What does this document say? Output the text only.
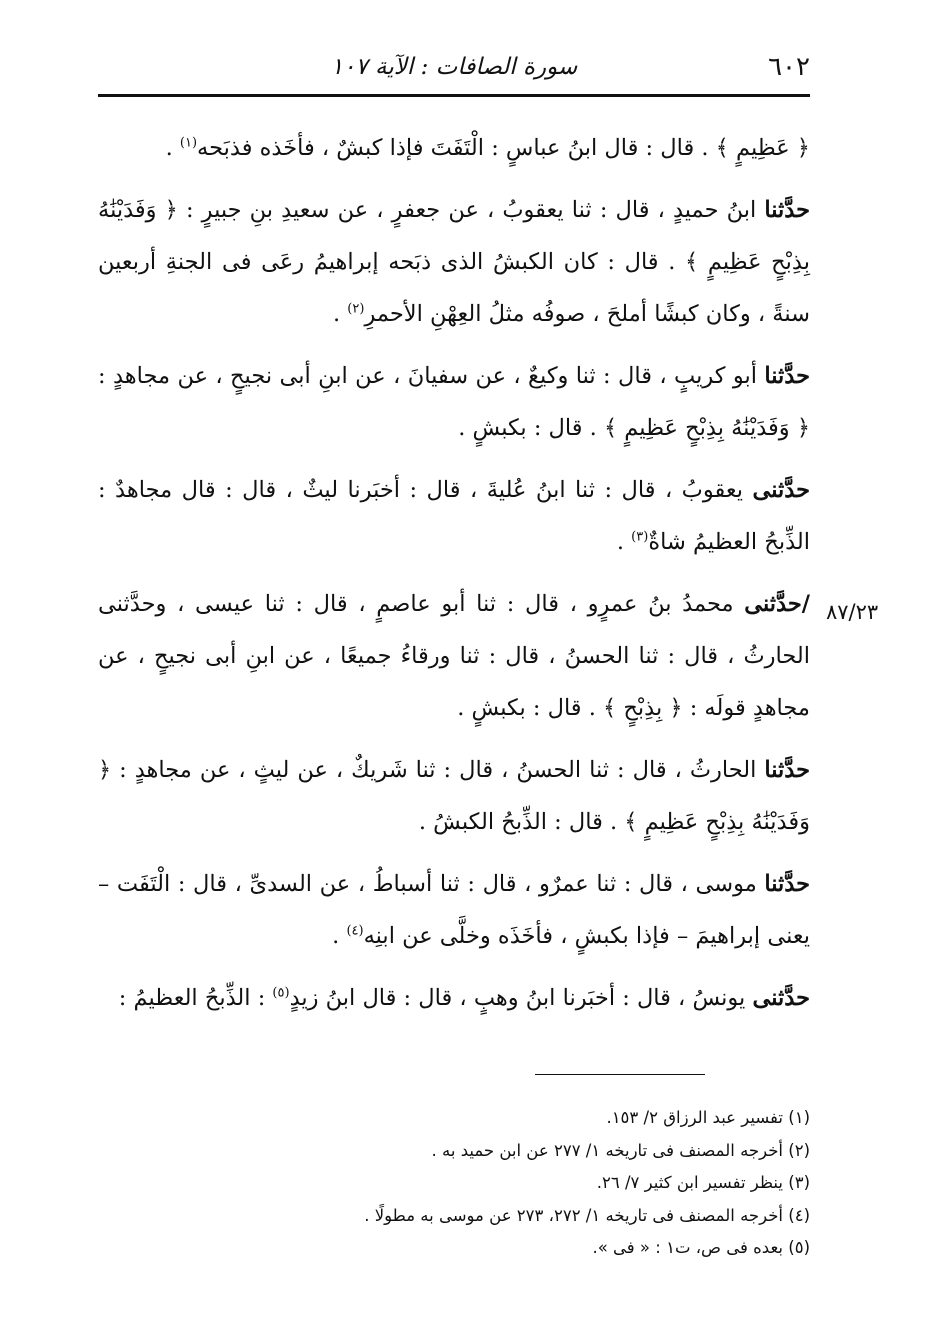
٦٠٢
سورة الصافات : الآية ١٠٧
٨٧/٢٣

﴿ عَظِيمٍ ﴾ . قال : قال ابنُ عباسٍ : الْتَفَتَ فإذا كبشٌ ، فأخَذه فذبَحه$^{(١)}$ .

حدَّثنا ابنُ حميدٍ ، قال : ثنا يعقوبُ ، عن جعفرٍ ، عن سعيدِ بنِ جبيرٍ : ﴿ وَفَدَيْنَٰهُ بِذِبْحٍ عَظِيمٍ ﴾ . قال : كان الكبشُ الذى ذبَحه إبراهيمُ رعَى فى الجنةِ أربعين سنةً ، وكان كبشًا أملحَ ، صوفُه مثلُ العِهْنِ الأحمرِ$^{(٢)}$ .

حدَّثنا أبو كريبٍ ، قال : ثنا وكيعٌ ، عن سفيانَ ، عن ابنِ أبى نجيحٍ ، عن مجاهدٍ : ﴿ وَفَدَيْنَٰهُ بِذِبْحٍ عَظِيمٍ ﴾ . قال : بكبشٍ .

حدَّثنى يعقوبُ ، قال : ثنا ابنُ عُليةَ ، قال : أخبَرنا ليثٌ ، قال : قال مجاهدٌ : الذِّبحُ العظيمُ شاةٌ$^{(٣)}$ .

/حدَّثنى محمدُ بنُ عمرٍو ، قال : ثنا أبو عاصمٍ ، قال : ثنا عيسى ، وحدَّثنى الحارثُ ، قال : ثنا الحسنُ ، قال : ثنا ورقاءُ جميعًا ، عن ابنِ أبى نجيحٍ ، عن مجاهدٍ قولَه : ﴿ بِذِبْحٍ ﴾ . قال : بكبشٍ .

حدَّثنا الحارثُ ، قال : ثنا الحسنُ ، قال : ثنا شَريكٌ ، عن ليثٍ ، عن مجاهدٍ : ﴿ وَفَدَيْنَٰهُ بِذِبْحٍ عَظِيمٍ ﴾ . قال : الذِّبحُ الكبشُ .

حدَّثنا موسى ، قال : ثنا عمرٌو ، قال : ثنا أسباطُ ، عن السدىِّ ، قال : الْتَفَت – يعنى إبراهيمَ – فإذا بكبشٍ ، فأخَذَه وخلَّى عن ابنِه$^{(٤)}$ .

حدَّثنى يونسُ ، قال : أخبَرنا ابنُ وهبٍ ، قال : قال ابنُ زيدٍ$^{(٥)}$ : الذِّبحُ العظيمُ :

(١) تفسير عبد الرزاق ٢/ ١٥٣.

(٢) أخرجه المصنف فى تاريخه ١/ ٢٧٧ عن ابن حميد به .

(٣) ينظر تفسير ابن كثير ٧/ ٢٦.

(٤) أخرجه المصنف فى تاريخه ١/ ٢٧٢، ٢٧٣ عن موسى به مطولًا .

(٥) بعده فى ص، ت١ : « فى ».
